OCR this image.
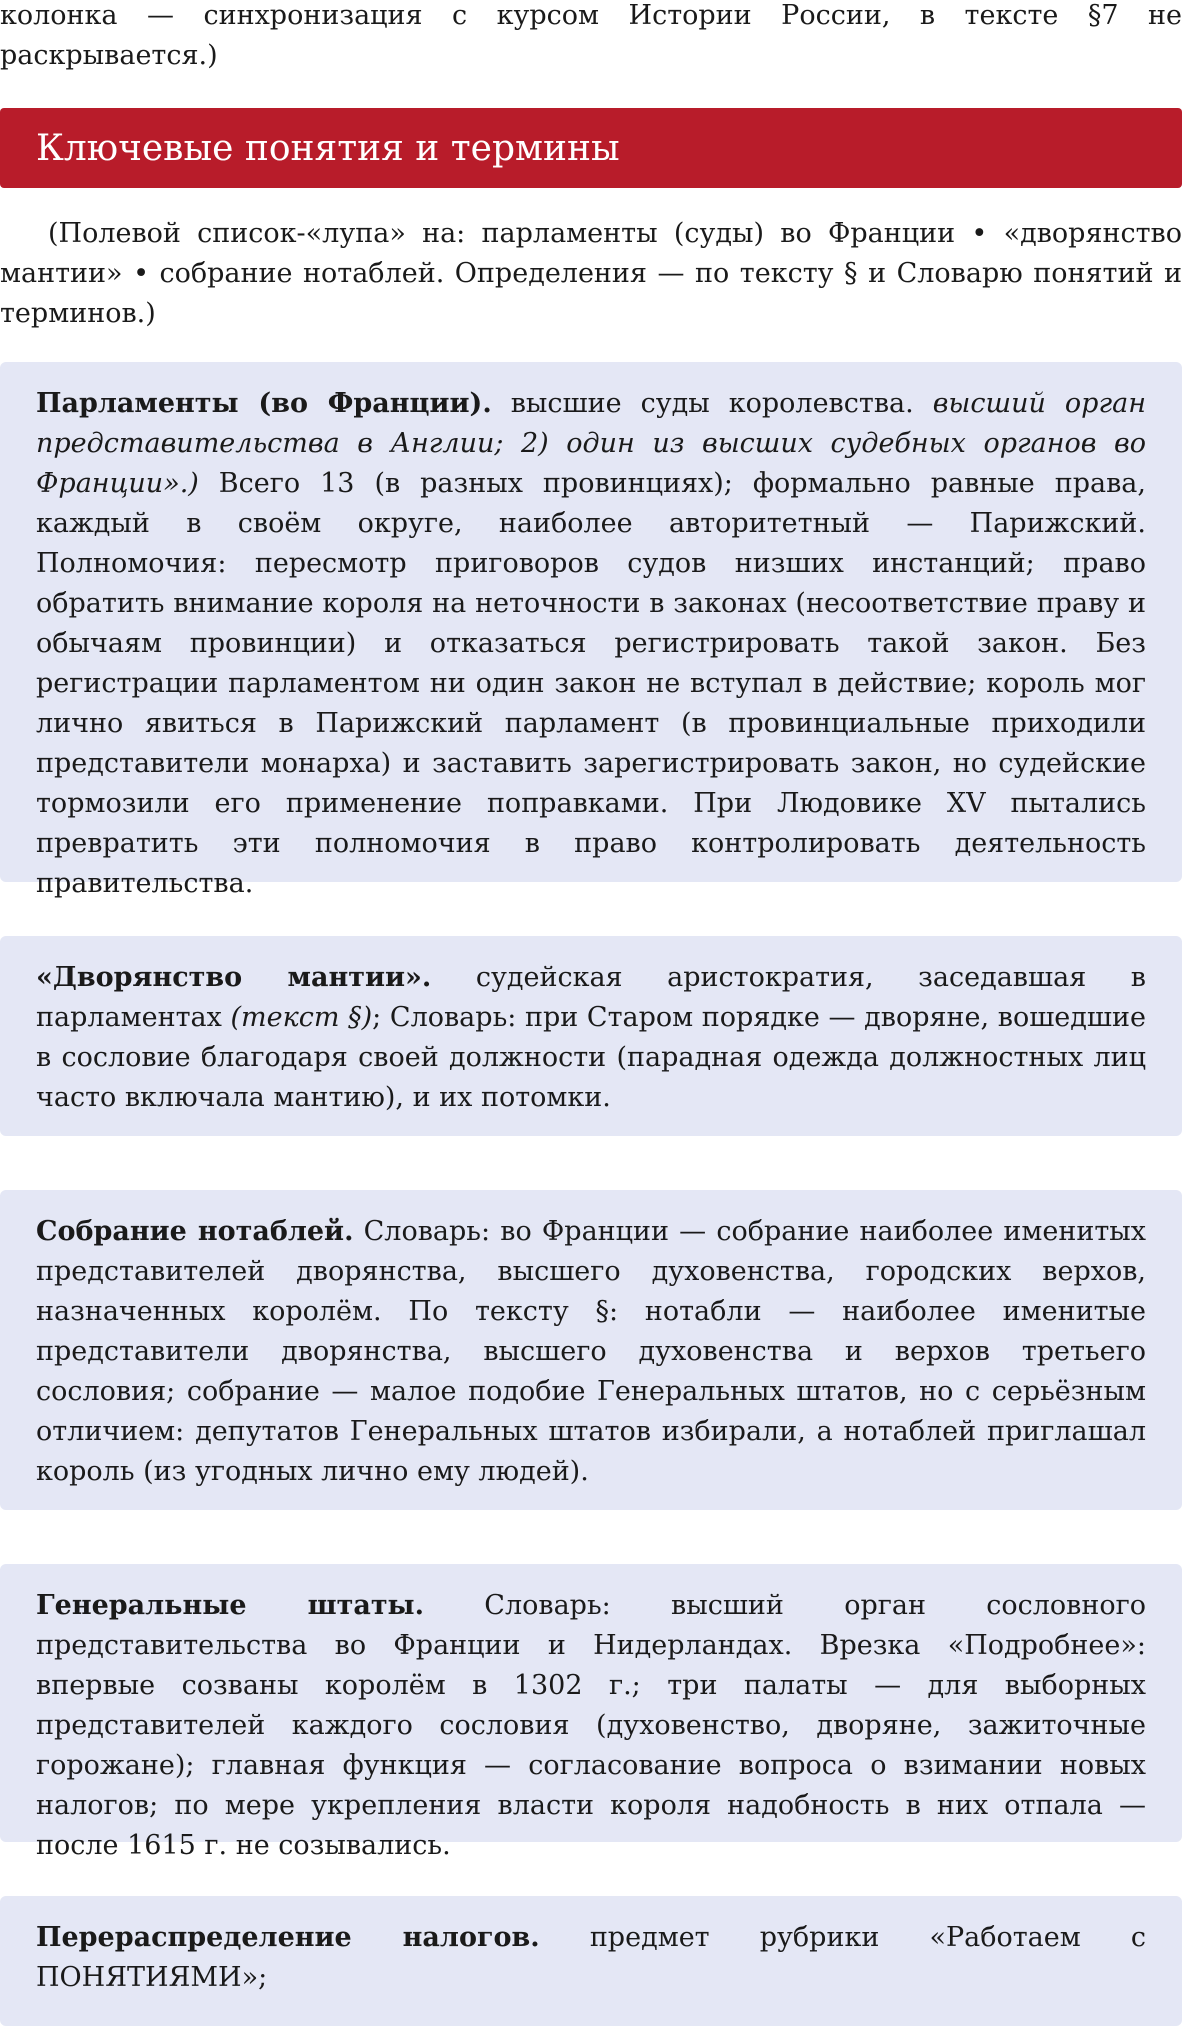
колонка — синхронизация с курсом Истории России, в тексте §7 не раскрывается.)

Ключевые понятия и термины

(Полевой список-«лупа» на: парламенты (суды) во Франции • «дворянство мантии» • собрание нотаблей. Определения — по тексту § и Словарю понятий и терминов.)

Парламенты (во Франции). высшие суды королевства. высший орган представительства в Англии; 2) один из высших судебных органов во Франции».) Всего 13 (в разных провинциях); формально равные права, каждый в своём округе, наиболее авторитетный — Парижский. Полномочия: пересмотр приговоров судов низших инстанций; право обратить внимание короля на неточности в законах (несоответствие праву и обычаям провинции) и отказаться регистрировать такой закон. Без регистрации парламентом ни один закон не вступал в действие; король мог лично явиться в Парижский парламент (в провинциальные приходили представители монарха) и заставить зарегистрировать закон, но судейские тормозили его применение поправками. При Людовике XV пытались превратить эти полномочия в право контролировать деятельность правительства.

«Дворянство мантии». судейская аристократия, заседавшая в парламентах (текст §); Словарь: при Старом порядке — дворяне, вошедшие в сословие благодаря своей должности (парадная одежда должностных лиц часто включала мантию), и их потомки.

Собрание нотаблей. Словарь: во Франции — собрание наиболее именитых представителей дворянства, высшего духовенства, городских верхов, назначенных королём. По тексту §: нотабли — наиболее именитые представители дворянства, высшего духовенства и верхов третьего сословия; собрание — малое подобие Генеральных штатов, но с серьёзным отличием: депутатов Генеральных штатов избирали, а нотаблей приглашал король (из угодных лично ему людей).

Генеральные штаты. Словарь: высший орган сословного представительства во Франции и Нидерландах. Врезка «Подробнее»: впервые созваны королём в 1302 г.; три палаты — для выборных представителей каждого сословия (духовенство, дворяне, зажиточные горожане); главная функция — согласование вопроса о взимании новых налогов; по мере укрепления власти короля надобность в них отпала — после 1615 г. не созывались.

Перераспределение налогов. предмет рубрики «Работаем с ПОНЯТИЯМИ»;
